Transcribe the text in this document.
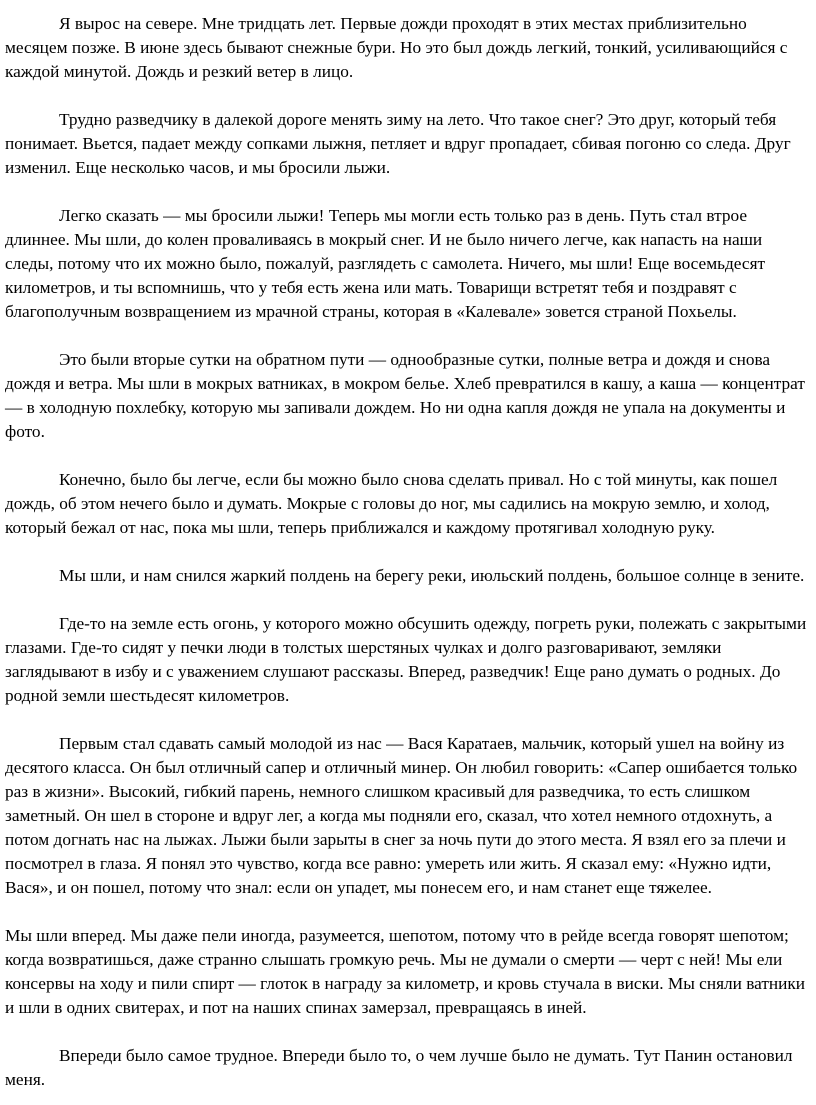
Я вырос на севере. Мне тридцать лет. Первые дожди проходят в этих местах приблизительно месяцем позже. В июне здесь бывают снежные бури. Но это был дождь легкий, тонкий, усиливающийся с каждой минутой. Дождь и резкий ветер в лицо.

Трудно разведчику в далекой дороге менять зиму на лето. Что такое снег? Это друг, который тебя понимает. Вьется, падает между сопками лыжня, петляет и вдруг пропадает, сбивая погоню со следа. Друг изменил. Еще несколько часов, и мы бросили лыжи.

Легко сказать — мы бросили лыжи! Теперь мы могли есть только раз в день. Путь стал втрое длиннее. Мы шли, до колен проваливаясь в мокрый снег. И не было ничего легче, как напасть на наши следы, потому что их можно было, пожалуй, разглядеть с самолета. Ничего, мы шли! Еще восемьдесят километров, и ты вспомнишь, что у тебя есть жена или мать. Товарищи встретят тебя и поздравят с благополучным возвращением из мрачной страны, которая в «Калевале» зовется страной Похьелы.

Это были вторые сутки на обратном пути — однообразные сутки, полные ветра и дождя и снова дождя и ветра. Мы шли в мокрых ватниках, в мокром белье. Хлеб превратился в кашу, а каша — концентрат — в холодную похлебку, которую мы запивали дождем. Но ни одна капля дождя не упала на документы и фото.

Конечно, было бы легче, если бы можно было снова сделать привал. Но с той минуты, как пошел дождь, об этом нечего было и думать. Мокрые с головы до ног, мы садились на мокрую землю, и холод, который бежал от нас, пока мы шли, теперь приближался и каждому протягивал холодную руку.

Мы шли, и нам снился жаркий полдень на берегу реки, июльский полдень, большое солнце в зените.

Где-то на земле есть огонь, у которого можно обсушить одежду, погреть руки, полежать с закрытыми глазами. Где-то сидят у печки люди в толстых шерстяных чулках и долго разговаривают, земляки заглядывают в избу и с уважением слушают рассказы. Вперед, разведчик! Еще рано думать о родных. До родной земли шестьдесят километров.

Первым стал сдавать самый молодой из нас — Вася Каратаев, мальчик, который ушел на войну из десятого класса. Он был отличный сапер и отличный минер. Он любил говорить: «Сапер ошибается только раз в жизни». Высокий, гибкий парень, немного слишком красивый для разведчика, то есть слишком заметный. Он шел в стороне и вдруг лег, а когда мы подняли его, сказал, что хотел немного отдохнуть, а потом догнать нас на лыжах. Лыжи были зарыты в снег за ночь пути до этого места. Я взял его за плечи и посмотрел в глаза. Я понял это чувство, когда все равно: умереть или жить. Я сказал ему: «Нужно идти, Вася», и он пошел, потому что знал: если он упадет, мы понесем его, и нам станет еще тяжелее.

Мы шли вперед. Мы даже пели иногда, разумеется, шепотом, потому что в рейде всегда говорят шепотом; когда возвратишься, даже странно слышать громкую речь. Мы не думали о смерти — черт с ней! Мы ели консервы на ходу и пили спирт — глоток в награду за километр, и кровь стучала в виски. Мы сняли ватники и шли в одних свитерах, и пот на наших спинах замерзал, превращаясь в иней.

Впереди было самое трудное. Впереди было то, о чем лучше было не думать. Тут Панин остановил меня.
